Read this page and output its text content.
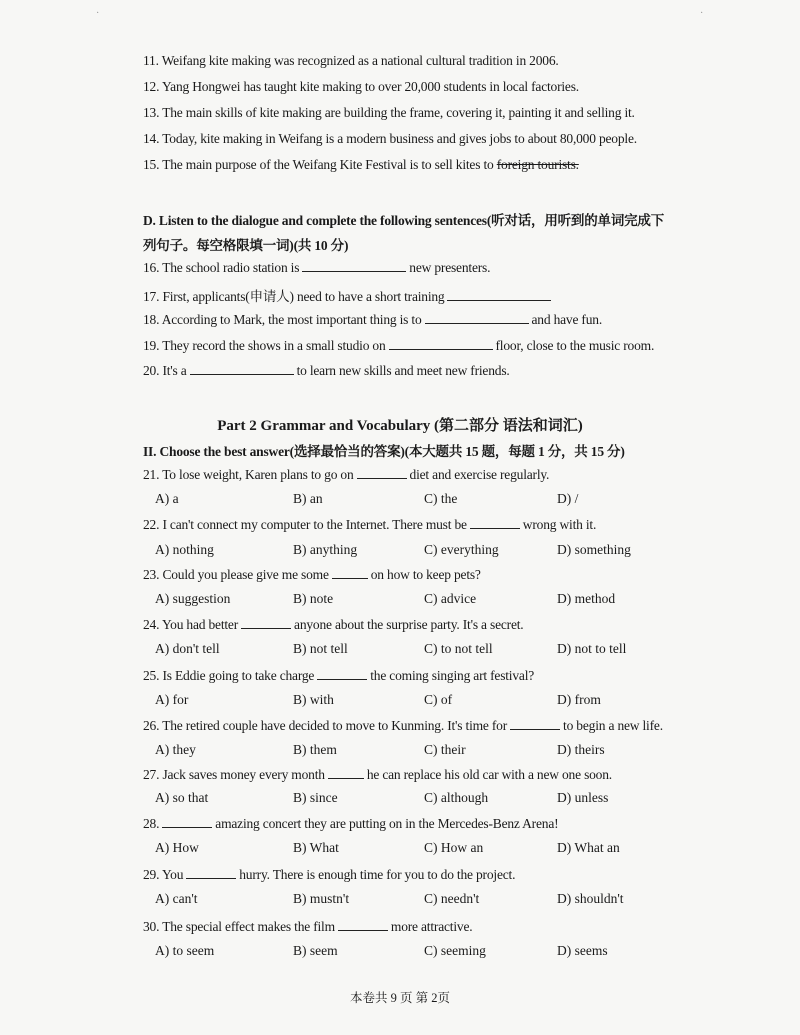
·	·
11. Weifang kite making was recognized as a national cultural tradition in 2006.
12. Yang Hongwei has taught kite making to over 20,000 students in local factories.
13. The main skills of kite making are building the frame, covering it, painting it and selling it.
14. Today, kite making in Weifang is a modern business and gives jobs to about 80,000 people.
15. The main purpose of the Weifang Kite Festival is to sell kites to foreign tourists.
D. Listen to the dialogue and complete the following sentences(听对话，用听到的单词完成下
列句子。每空格限填一词)(共 10 分)
16. The school radio station is	new presenters.
17. First, applicants(申请人) need to have a short training
18. According to Mark, the most important thing is to	and have fun.
19. They record the shows in a small studio on	floor, close to the music room.
20. It's a	to learn new skills and meet new friends.
Part 2 Grammar and Vocabulary (第二部分 语法和词汇)
II. Choose the best answer(选择最恰当的答案)(本大题共 15 题，每题 1 分，共 15 分)
21. To lose weight, Karen plans to go on	diet and exercise regularly.
A) a	B) an	C) the	D) /
22. I can't connect my computer to the Internet. There must be	wrong with it.
A) nothing	B) anything	C) everything	D) something
23. Could you please give me some	on how to keep pets?
A) suggestion	B) note	C) advice	D) method
24. You had better	anyone about the surprise party. It's a secret.
A) don't tell	B) not tell	C) to not tell	D) not to tell
25. Is Eddie going to take charge	the coming singing art festival?
A) for	B) with	C) of	D) from
26. The retired couple have decided to move to Kunming. It's time for	to begin a new life.
A) they	B) them	C) their	D) theirs
27. Jack saves money every month	he can replace his old car with a new one soon.
A) so that	B) since	C) although	D) unless
28.	amazing concert they are putting on in the Mercedes-Benz Arena!
A) How	B) What	C) How an	D) What an
29. You	hurry. There is enough time for you to do the project.
A) can't	B) mustn't	C) needn't	D) shouldn't
30. The special effect makes the film	more attractive.
A) to seem	B) seem	C) seeming	D) seems
本卷共 9 页 第 2页
